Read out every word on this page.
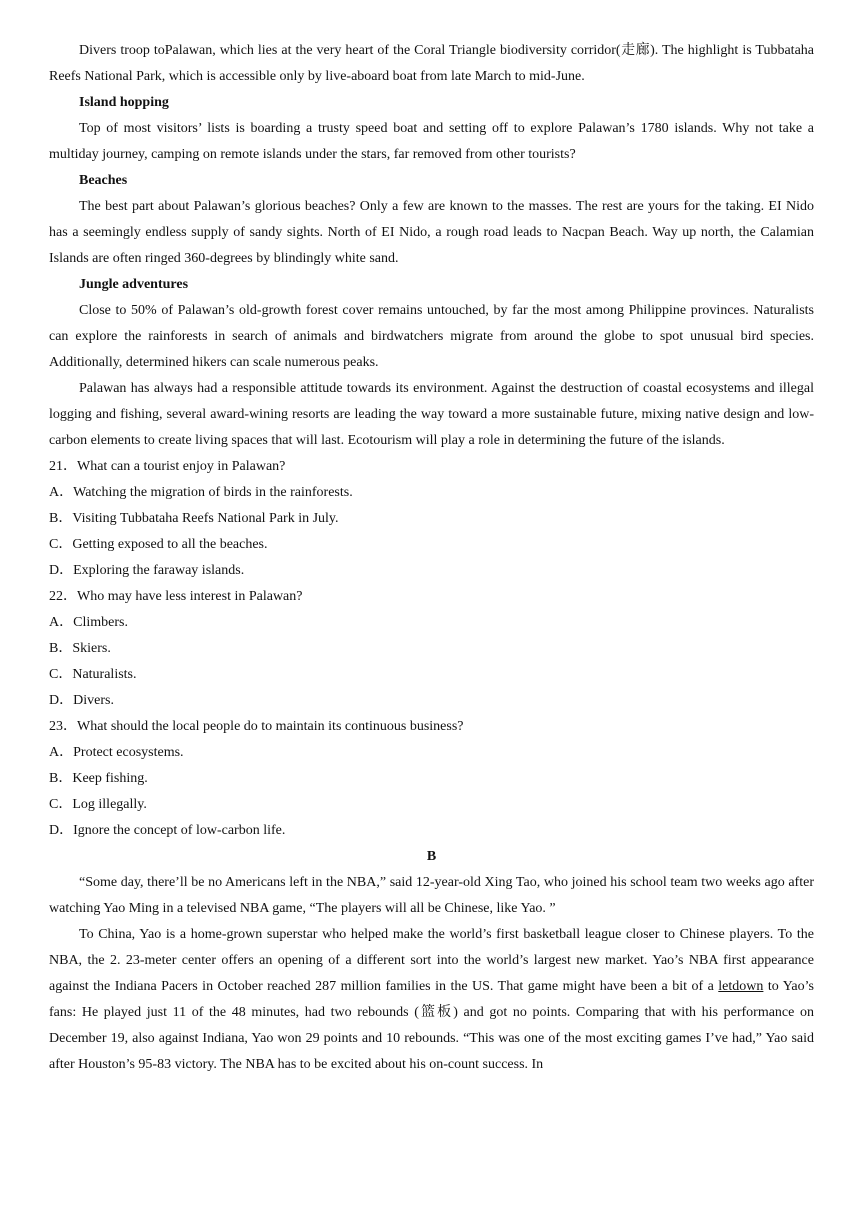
Divers troop toPalawan, which lies at the very heart of the Coral Triangle biodiversity corridor(走廊). The highlight is Tubbataha Reefs National Park, which is accessible only by live-aboard boat from late March to mid-June.
Island hopping
Top of most visitors’ lists is boarding a trusty speed boat and setting off to explore Palawan’s 1780 islands. Why not take a multiday journey, camping on remote islands under the stars, far removed from other tourists?
Beaches
The best part about Palawan’s glorious beaches? Only a few are known to the masses. The rest are yours for the taking. EI Nido has a seemingly endless supply of sandy sights. North of EI Nido, a rough road leads to Nacpan Beach. Way up north, the Calamian Islands are often ringed 360-degrees by blindingly white sand.
Jungle adventures
Close to 50% of Palawan’s old-growth forest cover remains untouched, by far the most among Philippine provinces. Naturalists can explore the rainforests in search of animals and birdwatchers migrate from around the globe to spot unusual bird species. Additionally, determined hikers can scale numerous peaks.
Palawan has always had a responsible attitude towards its environment. Against the destruction of coastal ecosystems and illegal logging and fishing, several award-wining resorts are leading the way toward a more sustainable future, mixing native design and low-carbon elements to create living spaces that will last. Ecotourism will play a role in determining the future of the islands.
21．What can a tourist enjoy in Palawan?
A．Watching the migration of birds in the rainforests.
B．Visiting Tubbataha Reefs National Park in July.
C．Getting exposed to all the beaches.
D．Exploring the faraway islands.
22．Who may have less interest in Palawan?
A．Climbers.
B．Skiers.
C．Naturalists.
D．Divers.
23．What should the local people do to maintain its continuous business?
A．Protect ecosystems.
B．Keep fishing.
C．Log illegally.
D．Ignore the concept of low-carbon life.
B
“Some day, there’ll be no Americans left in the NBA,” said 12-year-old Xing Tao, who joined his school team two weeks ago after watching Yao Ming in a televised NBA game, “The players will all be Chinese, like Yao. ”
To China, Yao is a home-grown superstar who helped make the world’s first basketball league closer to Chinese players. To the NBA, the 2. 23-meter center offers an opening of a different sort into the world’s largest new market. Yao’s NBA first appearance against the Indiana Pacers in October reached 287 million families in the US. That game might have been a bit of a letdown to Yao’s fans: He played just 11 of the 48 minutes, had two rebounds (篮板) and got no points. Comparing that with his performance on December 19, also against Indiana, Yao won 29 points and 10 rebounds. “This was one of the most exciting games I’ve had,” Yao said after Houston’s 95-83 victory. The NBA has to be excited about his on-count success. In
